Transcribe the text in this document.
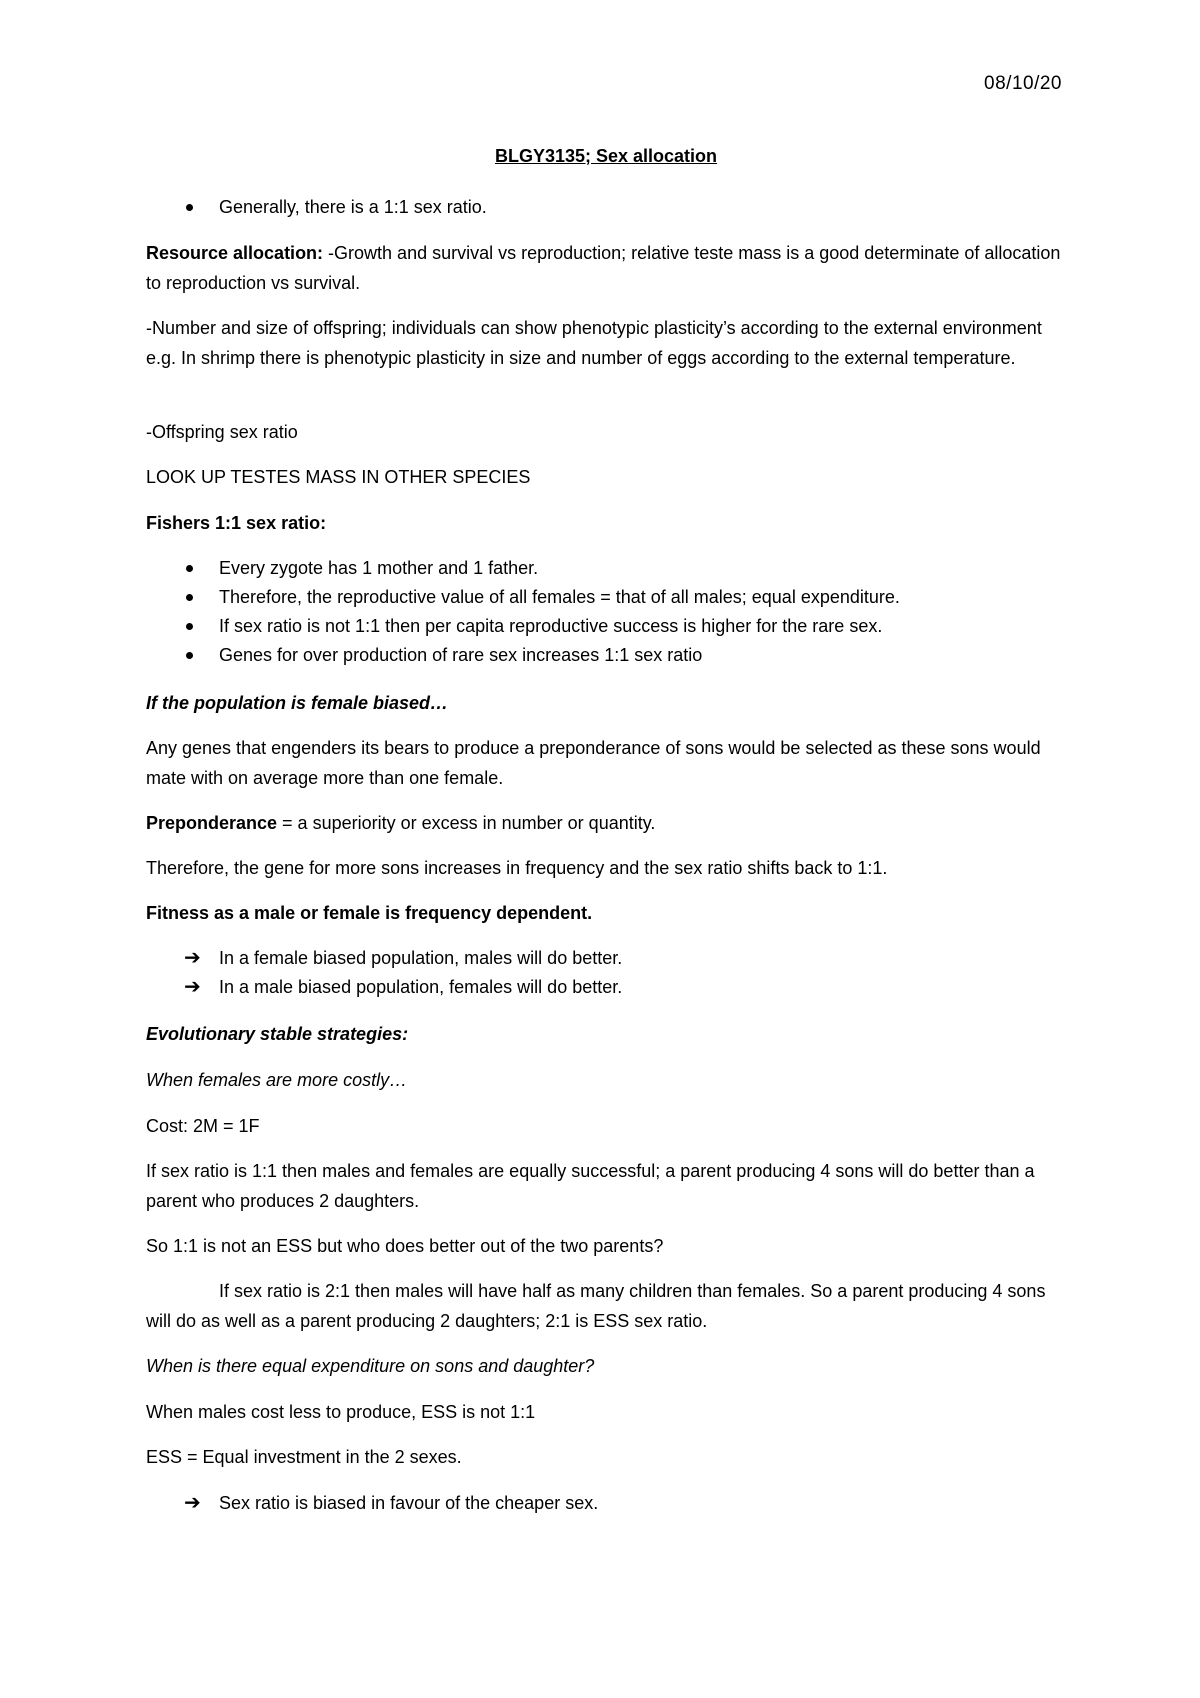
08/10/20
BLGY3135; Sex allocation
Generally, there is a 1:1 sex ratio.

Resource allocation: -Growth and survival vs reproduction; relative teste mass is a good determinate of allocation to reproduction vs survival.

-Number and size of offspring; individuals can show phenotypic plasticity’s according to the external environment e.g. In shrimp there is phenotypic plasticity in size and number of eggs according to the external temperature.

-Offspring sex ratio

LOOK UP TESTES MASS IN OTHER SPECIES

Fishers 1:1 sex ratio:

Every zygote has 1 mother and 1 father.
Therefore, the reproductive value of all females = that of all males; equal expenditure.
If sex ratio is not 1:1 then per capita reproductive success is higher for the rare sex.
Genes for over production of rare sex increases 1:1 sex ratio

If the population is female biased…

Any genes that engenders its bears to produce a preponderance of sons would be selected as these sons would mate with on average more than one female.

Preponderance = a superiority or excess in number or quantity.

Therefore, the gene for more sons increases in frequency and the sex ratio shifts back to 1:1.

Fitness as a male or female is frequency dependent.

➔ In a female biased population, males will do better.
➔ In a male biased population, females will do better.

Evolutionary stable strategies:

When females are more costly…

Cost: 2M = 1F

If sex ratio is 1:1 then males and females are equally successful; a parent producing 4 sons will do better than a parent who produces 2 daughters.

So 1:1 is not an ESS but who does better out of the two parents?

If sex ratio is 2:1 then males will have half as many children than females. So a parent producing 4 sons will do as well as a parent producing 2 daughters; 2:1 is ESS sex ratio.

When is there equal expenditure on sons and daughter?

When males cost less to produce, ESS is not 1:1

ESS = Equal investment in the 2 sexes.

➔ Sex ratio is biased in favour of the cheaper sex.
